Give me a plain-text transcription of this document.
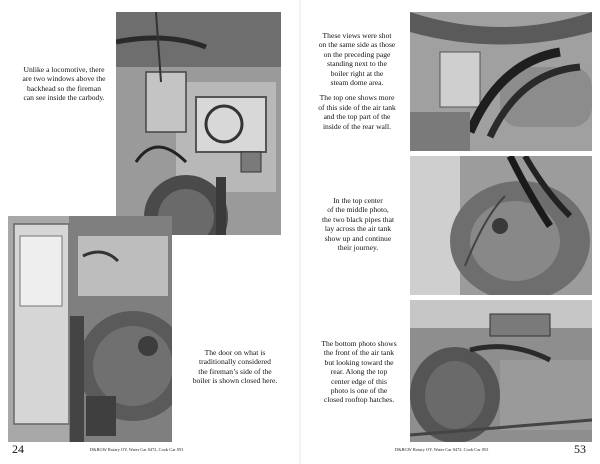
Unlike a locomotive, there
are two windows above the
backhead so the fireman
can see inside the carbody.
The door on what is
traditionally considered
the fireman’s side of the
boiler is shown closed here.
24	D&RGW Rotary OY, Water Car 0472, Cook Car 053
These views were shot
on the same side as those
on the preceding page
standing next to the
boiler right at the
steam dome area.
The top one shows more
of this side of the air tank
and the top part of the
inside of the rear wall.
In the top center
of the middle photo,
the two black pipes that
lay across the air tank
show up and continue
their journey.
The bottom photo shows
the front of the air tank
but looking toward the
rear. Along the top
center edge of this
photo is one of the
closed rooftop hatches.
D&RGW Rotary OY, Water Car 0472, Cook Car 053	53
